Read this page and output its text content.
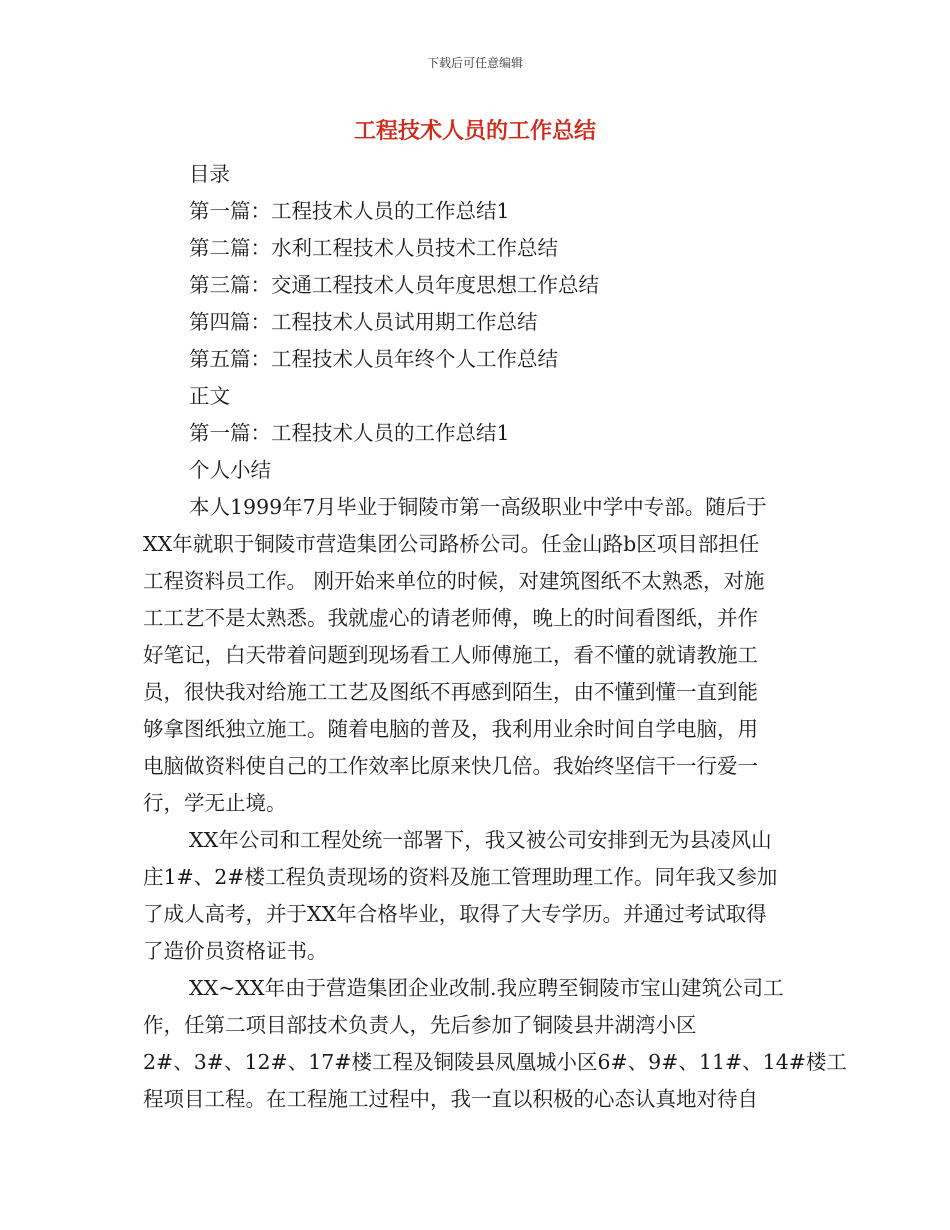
下载后可任意编辑
工程技术人员的工作总结
目录
第一篇：工程技术人员的工作总结1
第二篇：水利工程技术人员技术工作总结
第三篇：交通工程技术人员年度思想工作总结
第四篇：工程技术人员试用期工作总结
第五篇：工程技术人员年终个人工作总结
正文
第一篇：工程技术人员的工作总结1
个人小结
本人1999年7月毕业于铜陵市第一高级职业中学中专部。随后于
XX年就职于铜陵市营造集团公司路桥公司。任金山路b区项目部担任
工程资料员工作。 刚开始来单位的时候，对建筑图纸不太熟悉，对施
工工艺不是太熟悉。我就虚心的请老师傅，晚上的时间看图纸，并作
好笔记，白天带着问题到现场看工人师傅施工，看不懂的就请教施工
员，很快我对给施工工艺及图纸不再感到陌生，由不懂到懂一直到能
够拿图纸独立施工。随着电脑的普及，我利用业余时间自学电脑，用
电脑做资料使自己的工作效率比原来快几倍。我始终坚信干一行爱一
行，学无止境。
XX年公司和工程处统一部署下，我又被公司安排到无为县凌风山
庄1#、2#楼工程负责现场的资料及施工管理助理工作。同年我又参加
了成人高考，并于XX年合格毕业，取得了大专学历。并通过考试取得
了造价员资格证书。
XX~XX年由于营造集团企业改制.我应聘至铜陵市宝山建筑公司工
作，任第二项目部技术负责人，先后参加了铜陵县井湖湾小区
2#、3#、12#、17#楼工程及铜陵县凤凰城小区6#、9#、11#、14#楼工
程项目工程。在工程施工过程中，我一直以积极的心态认真地对待自
